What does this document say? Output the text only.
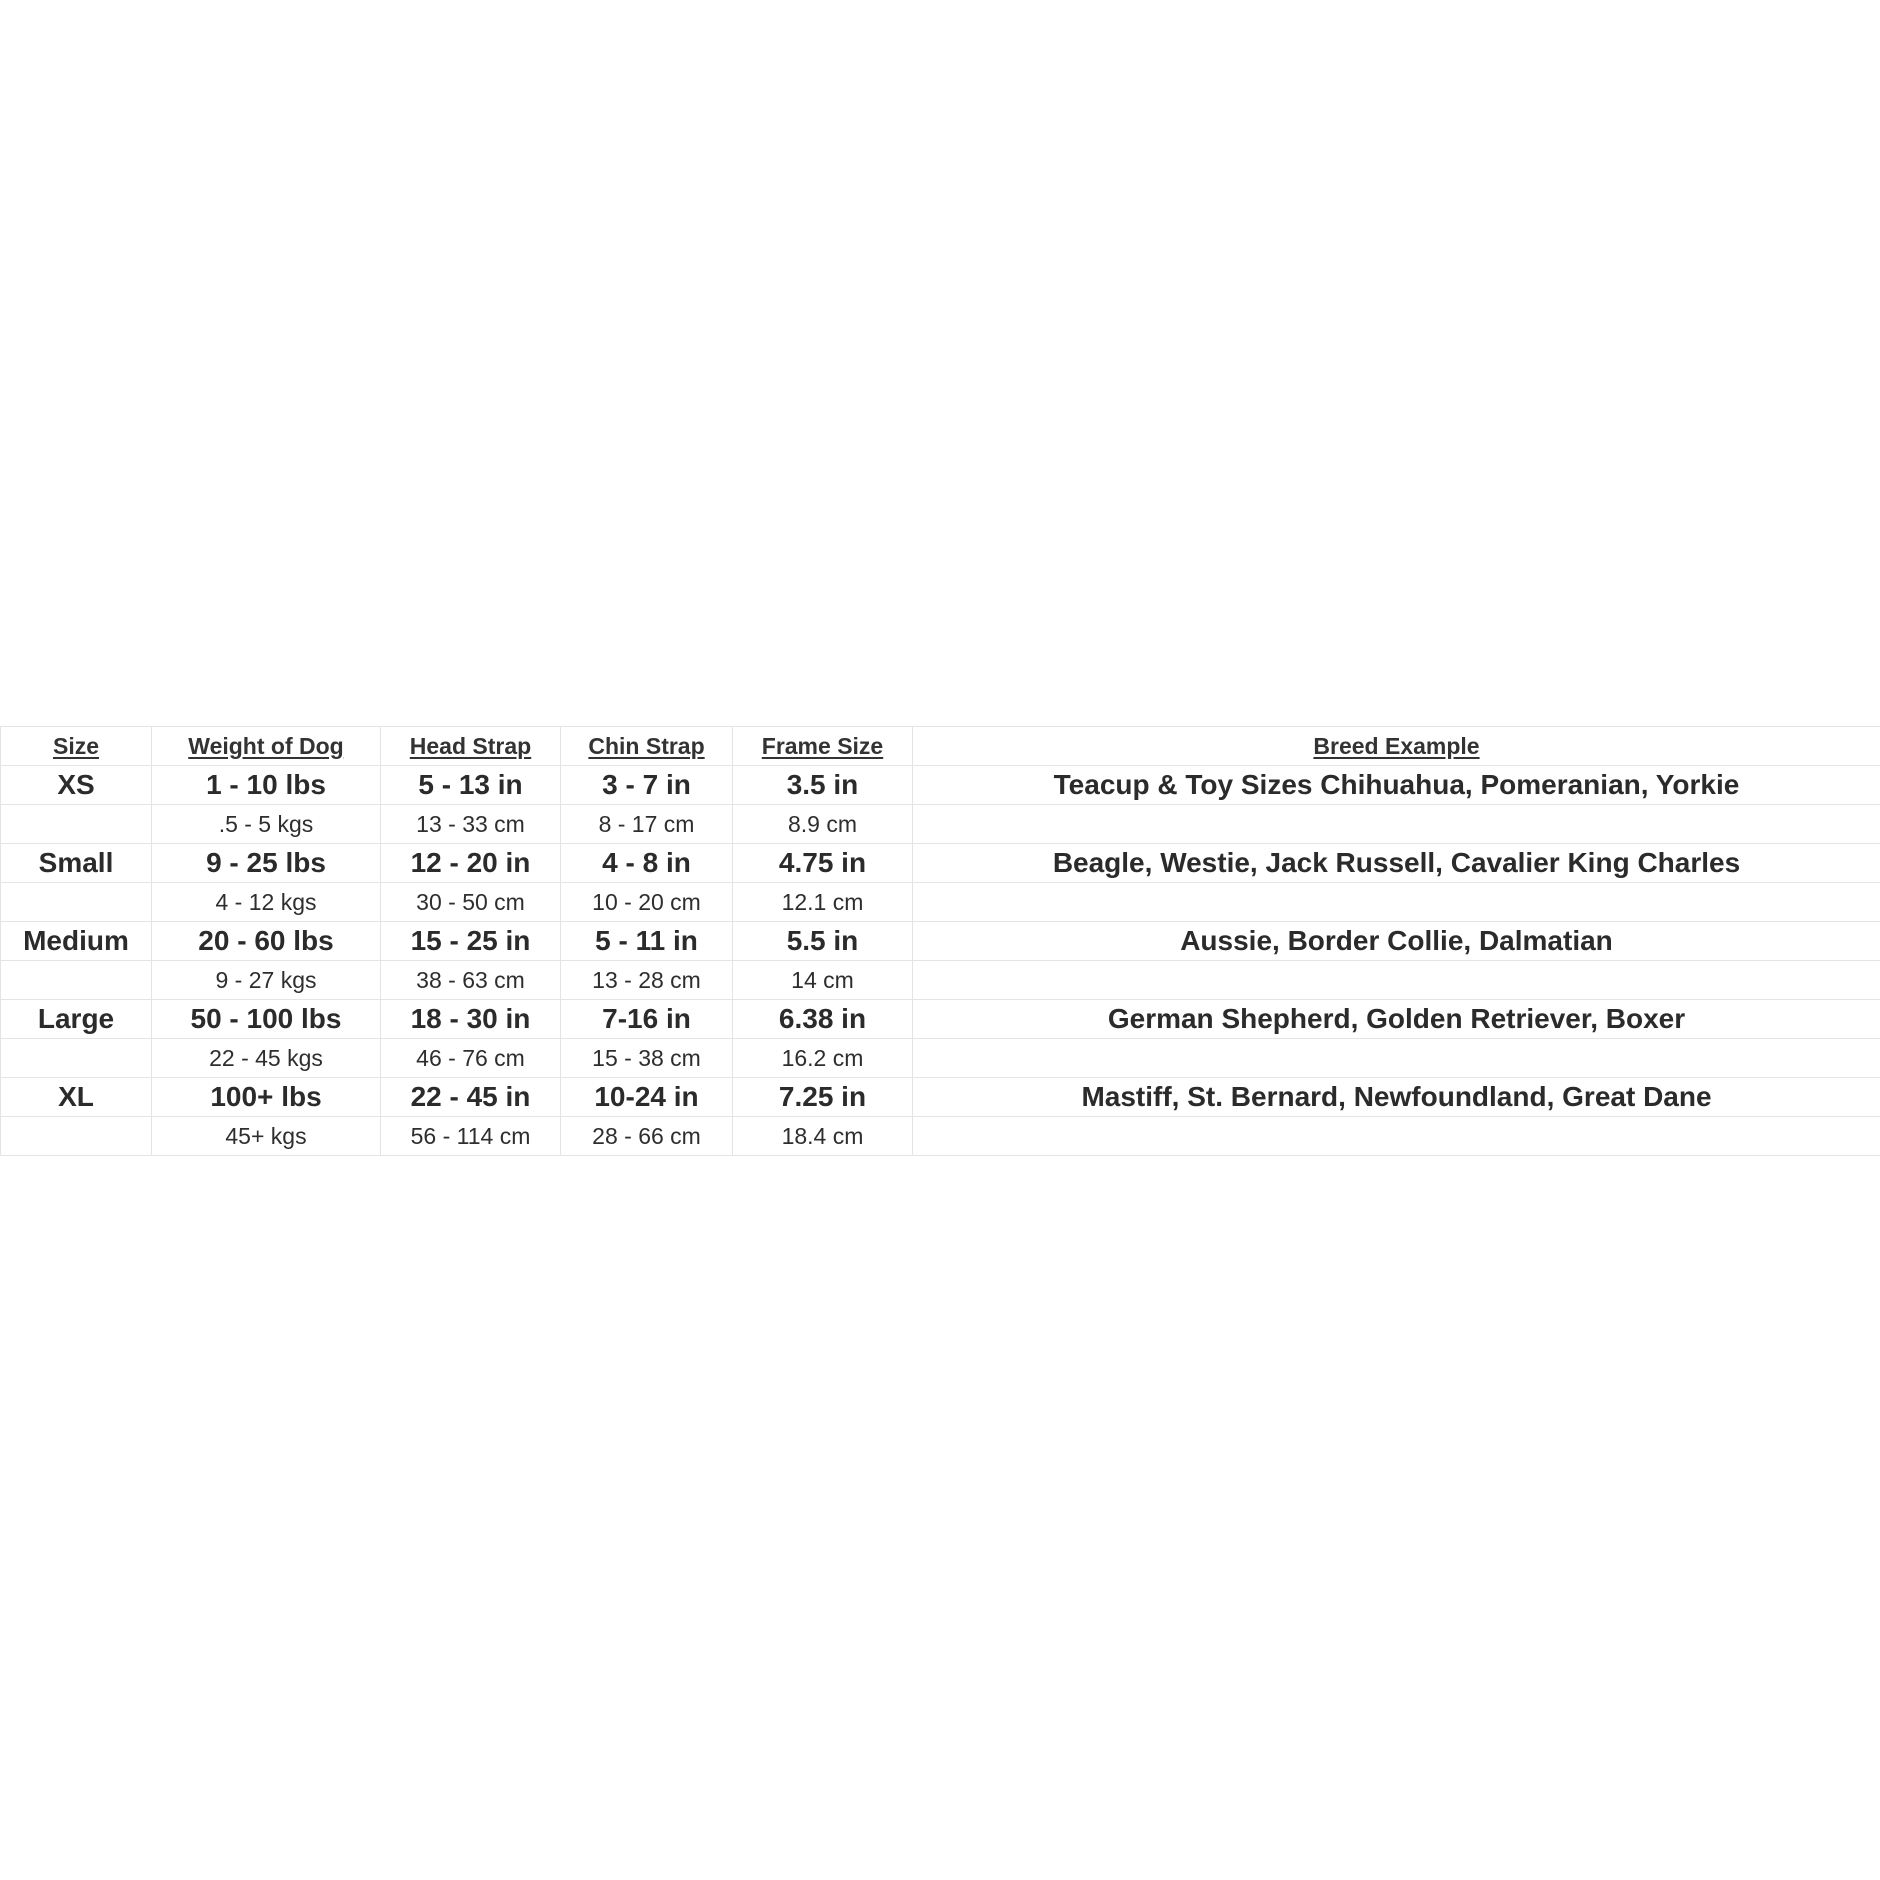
Size	Weight of Dog	Head Strap	Chin Strap	Frame Size	Breed Example
XS	1 - 10 lbs	5 - 13 in	3 - 7 in	3.5 in	Teacup & Toy Sizes Chihuahua, Pomeranian, Yorkie
	.5 - 5 kgs	13 - 33 cm	8 - 17 cm	8.9 cm	
Small	9 - 25 lbs	12 - 20 in	4 - 8 in	4.75 in	Beagle, Westie, Jack Russell, Cavalier King Charles
	4 - 12 kgs	30 - 50 cm	10 - 20 cm	12.1 cm	
Medium	20 - 60 lbs	15 - 25 in	5 - 11 in	5.5 in	Aussie, Border Collie, Dalmatian
	9 - 27 kgs	38 - 63 cm	13 - 28 cm	14 cm	
Large	50 - 100 lbs	18 - 30 in	7-16 in	6.38 in	German Shepherd, Golden Retriever, Boxer
	22 - 45 kgs	46 - 76 cm	15 - 38 cm	16.2 cm	
XL	100+ lbs	22 - 45 in	10-24 in	7.25 in	Mastiff, St. Bernard, Newfoundland, Great Dane
	45+ kgs	56 - 114 cm	28 - 66 cm	18.4 cm	
